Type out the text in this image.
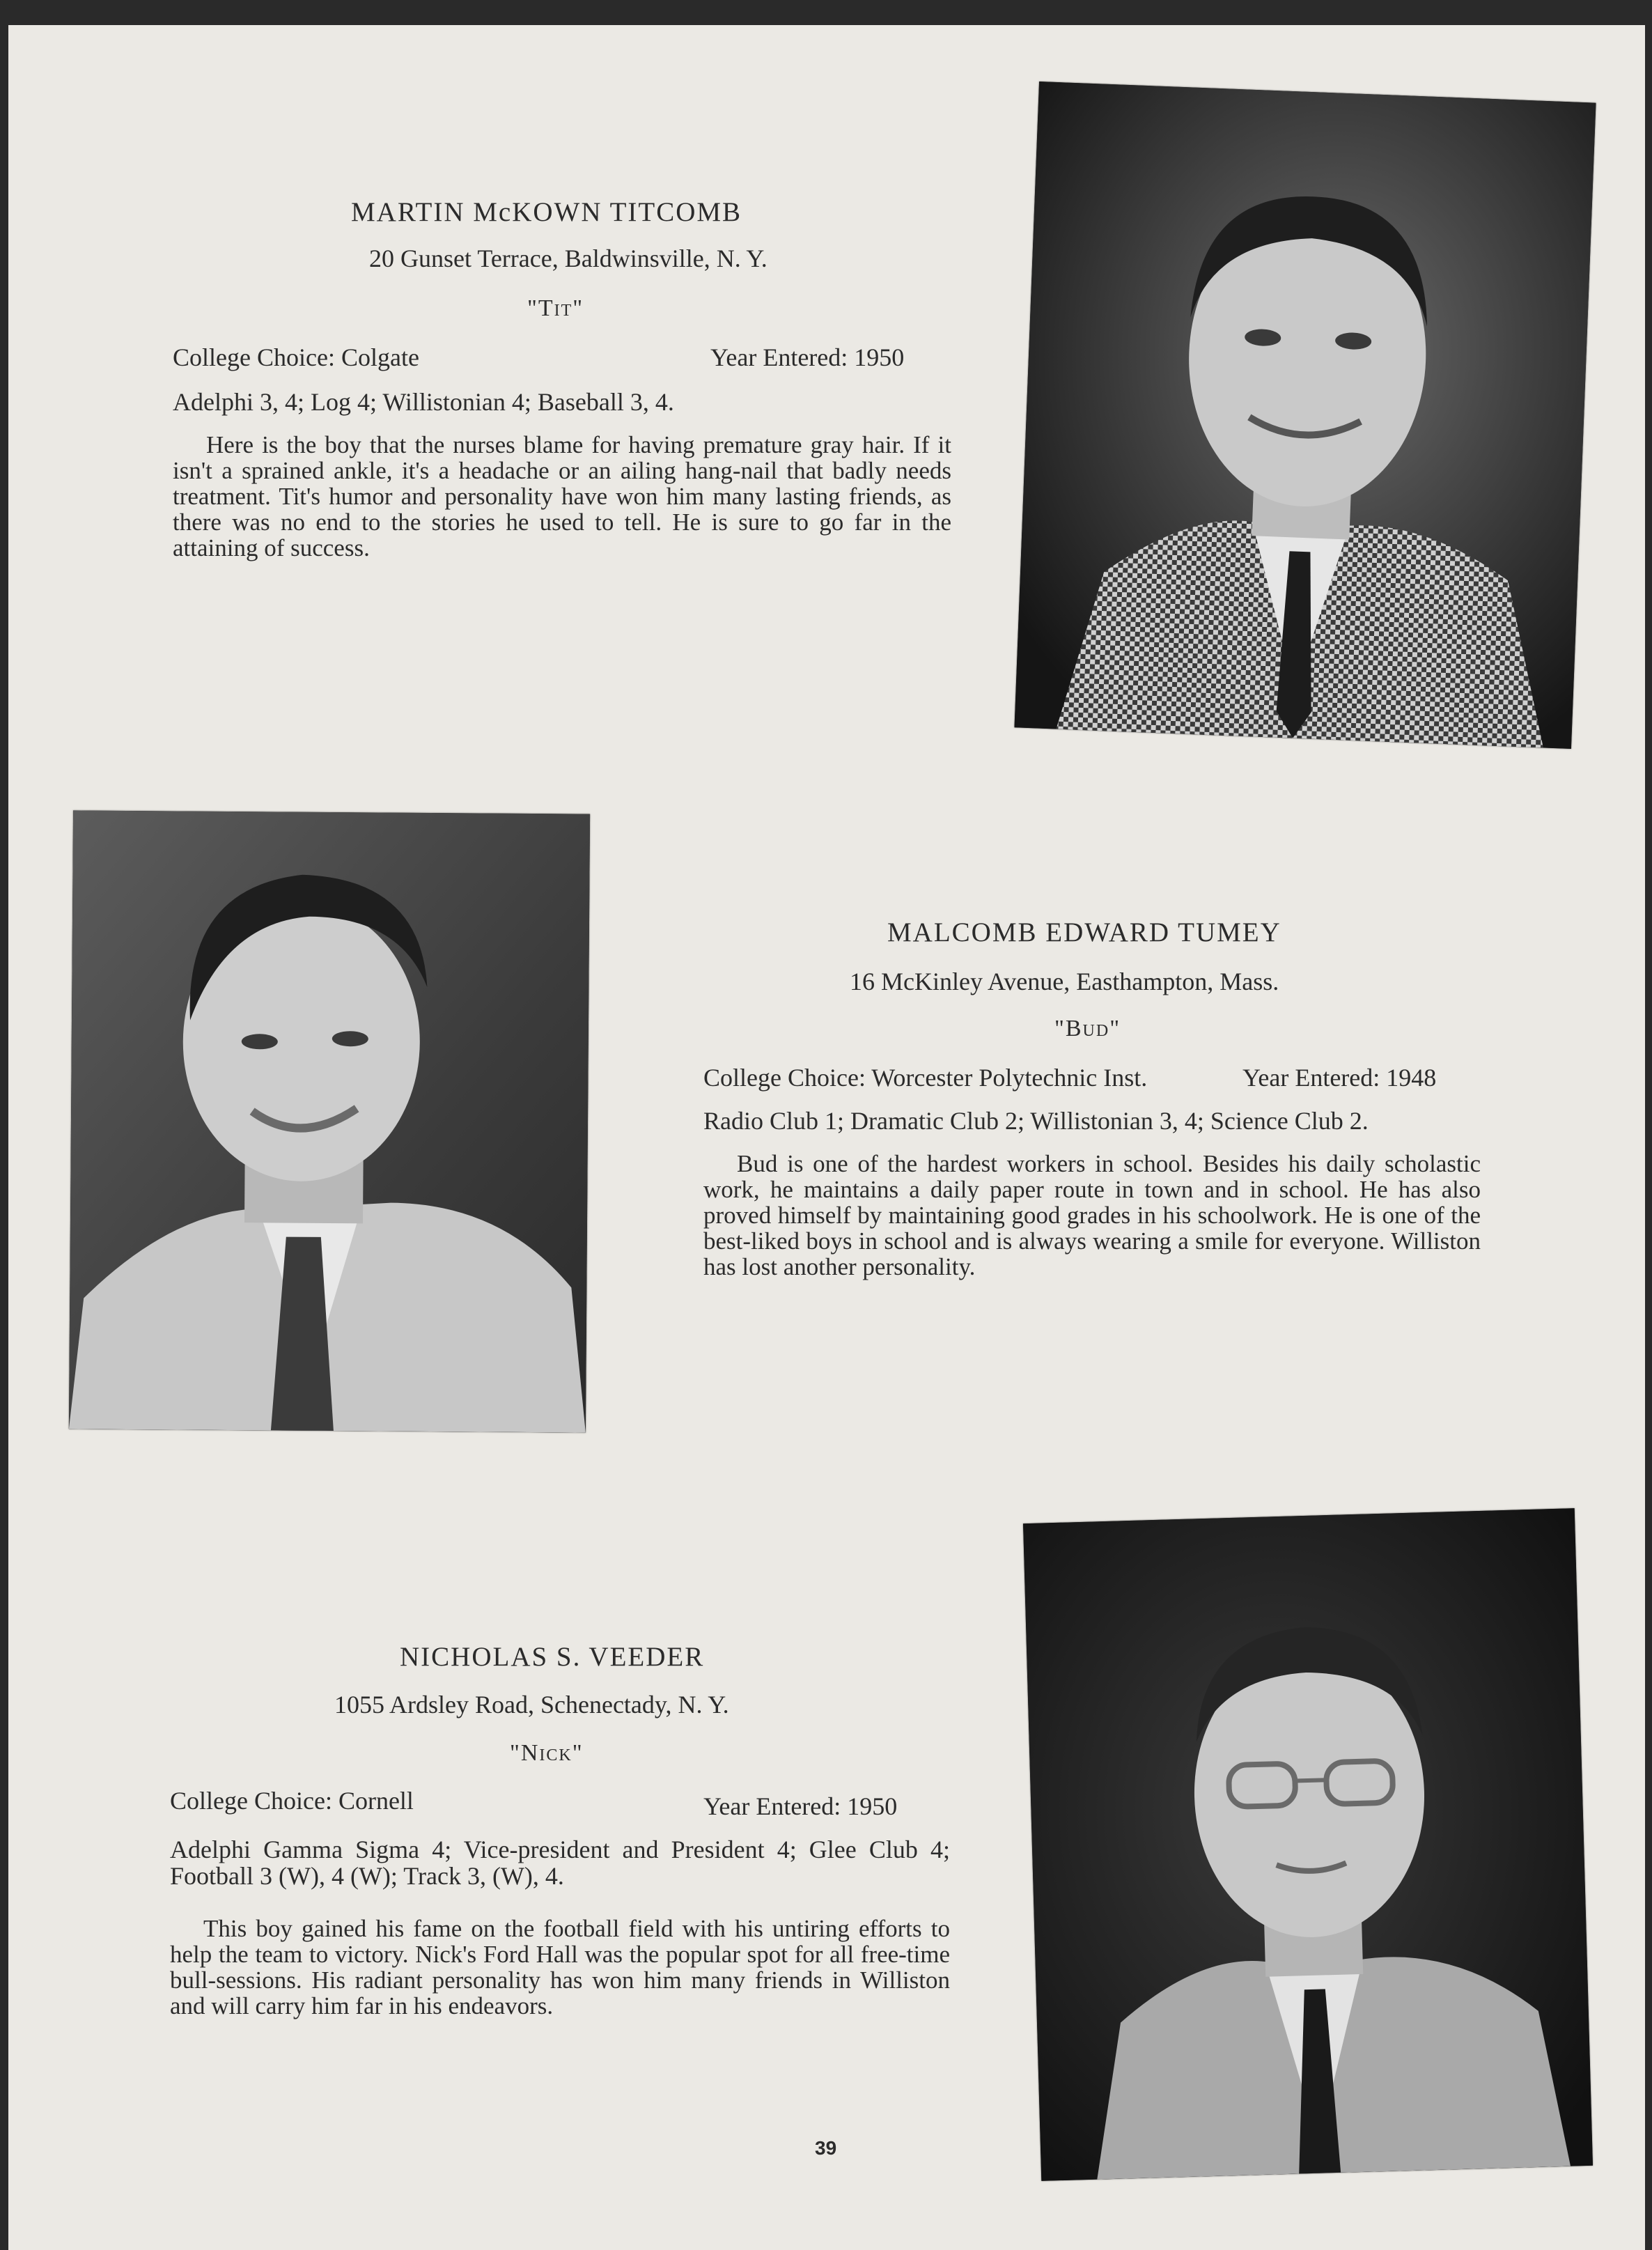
MARTIN McKOWN TITCOMB
20 Gunset Terrace, Baldwinsville, N. Y.
"Tit"
College Choice: Colgate	Year Entered: 1950
Adelphi 3, 4; Log 4; Willistonian 4; Baseball 3, 4.
Here is the boy that the nurses blame for having premature gray hair. If it isn't a sprained ankle, it's a headache or an ailing hang-nail that badly needs treatment. Tit's humor and personality have won him many lasting friends, as there was no end to the stories he used to tell. He is sure to go far in the attaining of success.
MALCOMB EDWARD TUMEY
16 McKinley Avenue, Easthampton, Mass.
"Bud"
College Choice: Worcester Polytechnic Inst.	Year Entered: 1948
Radio Club 1; Dramatic Club 2; Willistonian 3, 4; Science Club 2.
Bud is one of the hardest workers in school. Besides his daily scholastic work, he maintains a daily paper route in town and in school. He has also proved himself by maintaining good grades in his schoolwork. He is one of the best-liked boys in school and is always wearing a smile for everyone. Williston has lost another personality.
NICHOLAS S. VEEDER
1055 Ardsley Road, Schenectady, N. Y.
"Nick"
College Choice: Cornell	Year Entered: 1950
Adelphi Gamma Sigma 4; Vice-president and President 4; Glee Club 4; Football 3 (W), 4 (W); Track 3, (W), 4.
This boy gained his fame on the football field with his untiring efforts to help the team to victory. Nick's Ford Hall was the popular spot for all free-time bull-sessions. His radiant personality has won him many friends in Williston and will carry him far in his endeavors.
39
